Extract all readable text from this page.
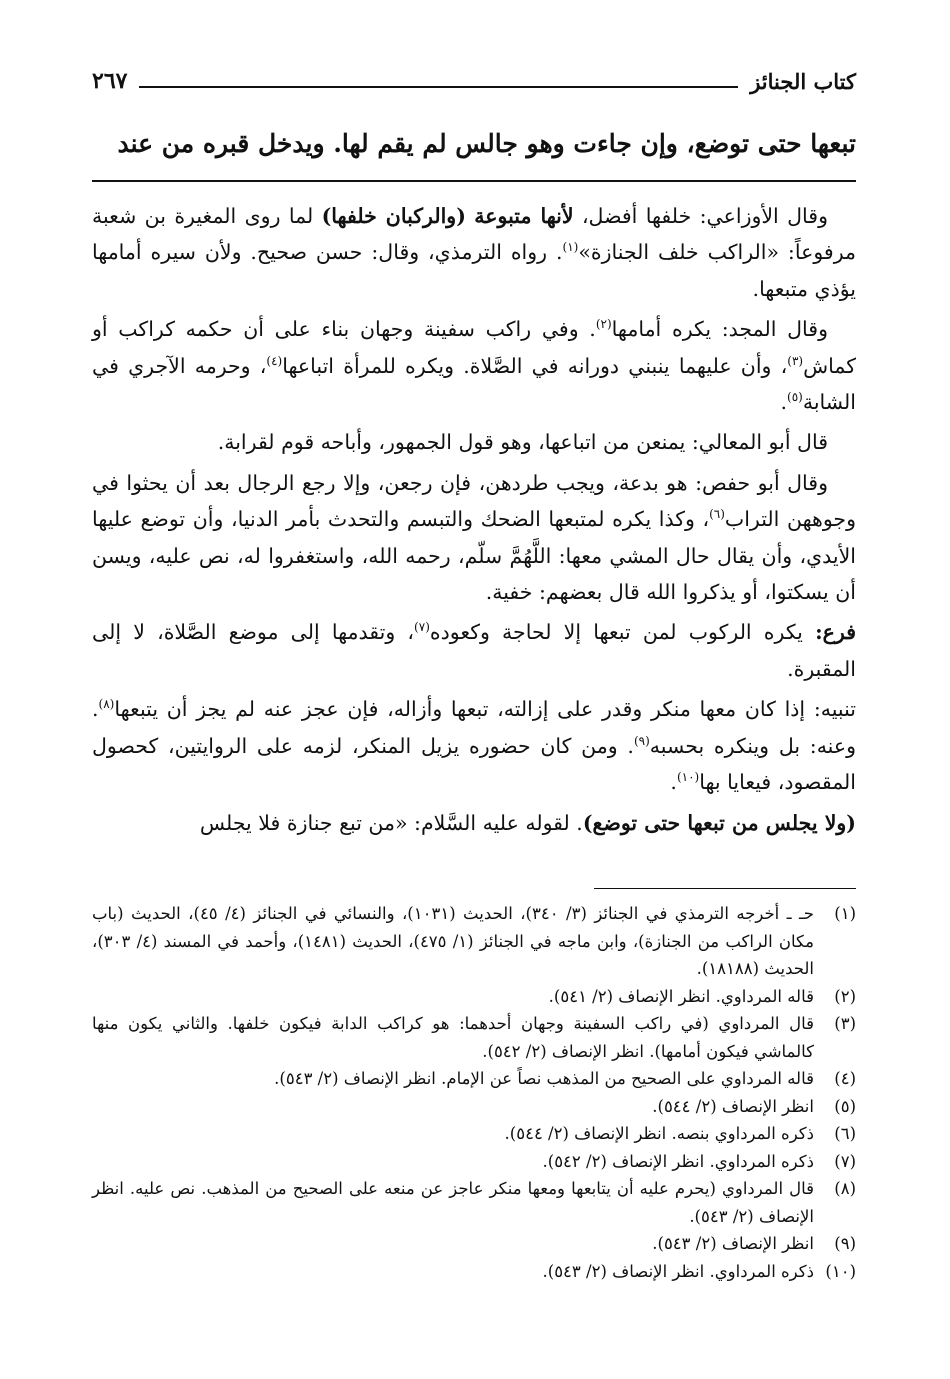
كتاب الجنائز
٢٦٧
تبعها حتى توضع، وإن جاءت وهو جالس لم يقم لها. ويدخل قبره من عند

وقال الأوزاعي: خلفها أفضل، لأنها متبوعة (والركبان خلفها) لما روى المغيرة بن شعبة مرفوعاً: «الراكب خلف الجنازة»$^{(١)}$. رواه الترمذي، وقال: حسن صحيح. ولأن سيره أمامها يؤذي متبعها.

وقال المجد: يكره أمامها$^{(٢)}$. وفي راكب سفينة وجهان بناء على أن حكمه كراكب أو كماش$^{(٣)}$، وأن عليهما ينبني دورانه في الصَّلاة. ويكره للمرأة اتباعها$^{(٤)}$، وحرمه الآجري في الشابة$^{(٥)}$.

قال أبو المعالي: يمنعن من اتباعها، وهو قول الجمهور، وأباحه قوم لقرابة.

وقال أبو حفص: هو بدعة، ويجب طردهن، فإن رجعن، وإلا رجع الرجال بعد أن يحثوا في وجوههن التراب$^{(٦)}$، وكذا يكره لمتبعها الضحك والتبسم والتحدث بأمر الدنيا، وأن توضع عليها الأيدي، وأن يقال حال المشي معها: اللَّهُمَّ سلّم، رحمه الله، واستغفروا له، نص عليه، ويسن أن يسكتوا، أو يذكروا الله قال بعضهم: خفية.

فرع: يكره الركوب لمن تبعها إلا لحاجة وكعوده$^{(٧)}$، وتقدمها إلى موضع الصَّلاة، لا إلى المقبرة.

تنبيه: إذا كان معها منكر وقدر على إزالته، تبعها وأزاله، فإن عجز عنه لم يجز أن يتبعها$^{(٨)}$. وعنه: بل وينكره بحسبه$^{(٩)}$. ومن كان حضوره يزيل المنكر، لزمه على الروايتين، كحصول المقصود، فيعايا بها$^{(١٠)}$.

(ولا يجلس من تبعها حتى توضع). لقوله عليه السَّلام: «من تبع جنازة فلا يجلس

(١)
حـ ـ أخرجه الترمذي في الجنائز (٣/ ٣٤٠)، الحديث (١٠٣١)، والنسائي في الجنائز (٤/ ٤٥)، الحديث (باب مكان الراكب من الجنازة)، وابن ماجه في الجنائز (١/ ٤٧٥)، الحديث (١٤٨١)، وأحمد في المسند (٤/ ٣٠٣)، الحديث (١٨١٨٨).
(٢)
قاله المرداوي. انظر الإنصاف (٢/ ٥٤١).
(٣)
قال المرداوي (في راكب السفينة وجهان أحدهما: هو كراكب الدابة فيكون خلفها. والثاني يكون منها كالماشي فيكون أمامها). انظر الإنصاف (٢/ ٥٤٢).
(٤)
قاله المرداوي على الصحيح من المذهب نصاً عن الإمام. انظر الإنصاف (٢/ ٥٤٣).
(٥)
انظر الإنصاف (٢/ ٥٤٤).
(٦)
ذكره المرداوي بنصه. انظر الإنصاف (٢/ ٥٤٤).
(٧)
ذكره المرداوي. انظر الإنصاف (٢/ ٥٤٢).
(٨)
قال المرداوي (يحرم عليه أن يتابعها ومعها منكر عاجز عن منعه على الصحيح من المذهب. نص عليه. انظر الإنصاف (٢/ ٥٤٣).
(٩)
انظر الإنصاف (٢/ ٥٤٣).
(١٠)
ذكره المرداوي. انظر الإنصاف (٢/ ٥٤٣).
